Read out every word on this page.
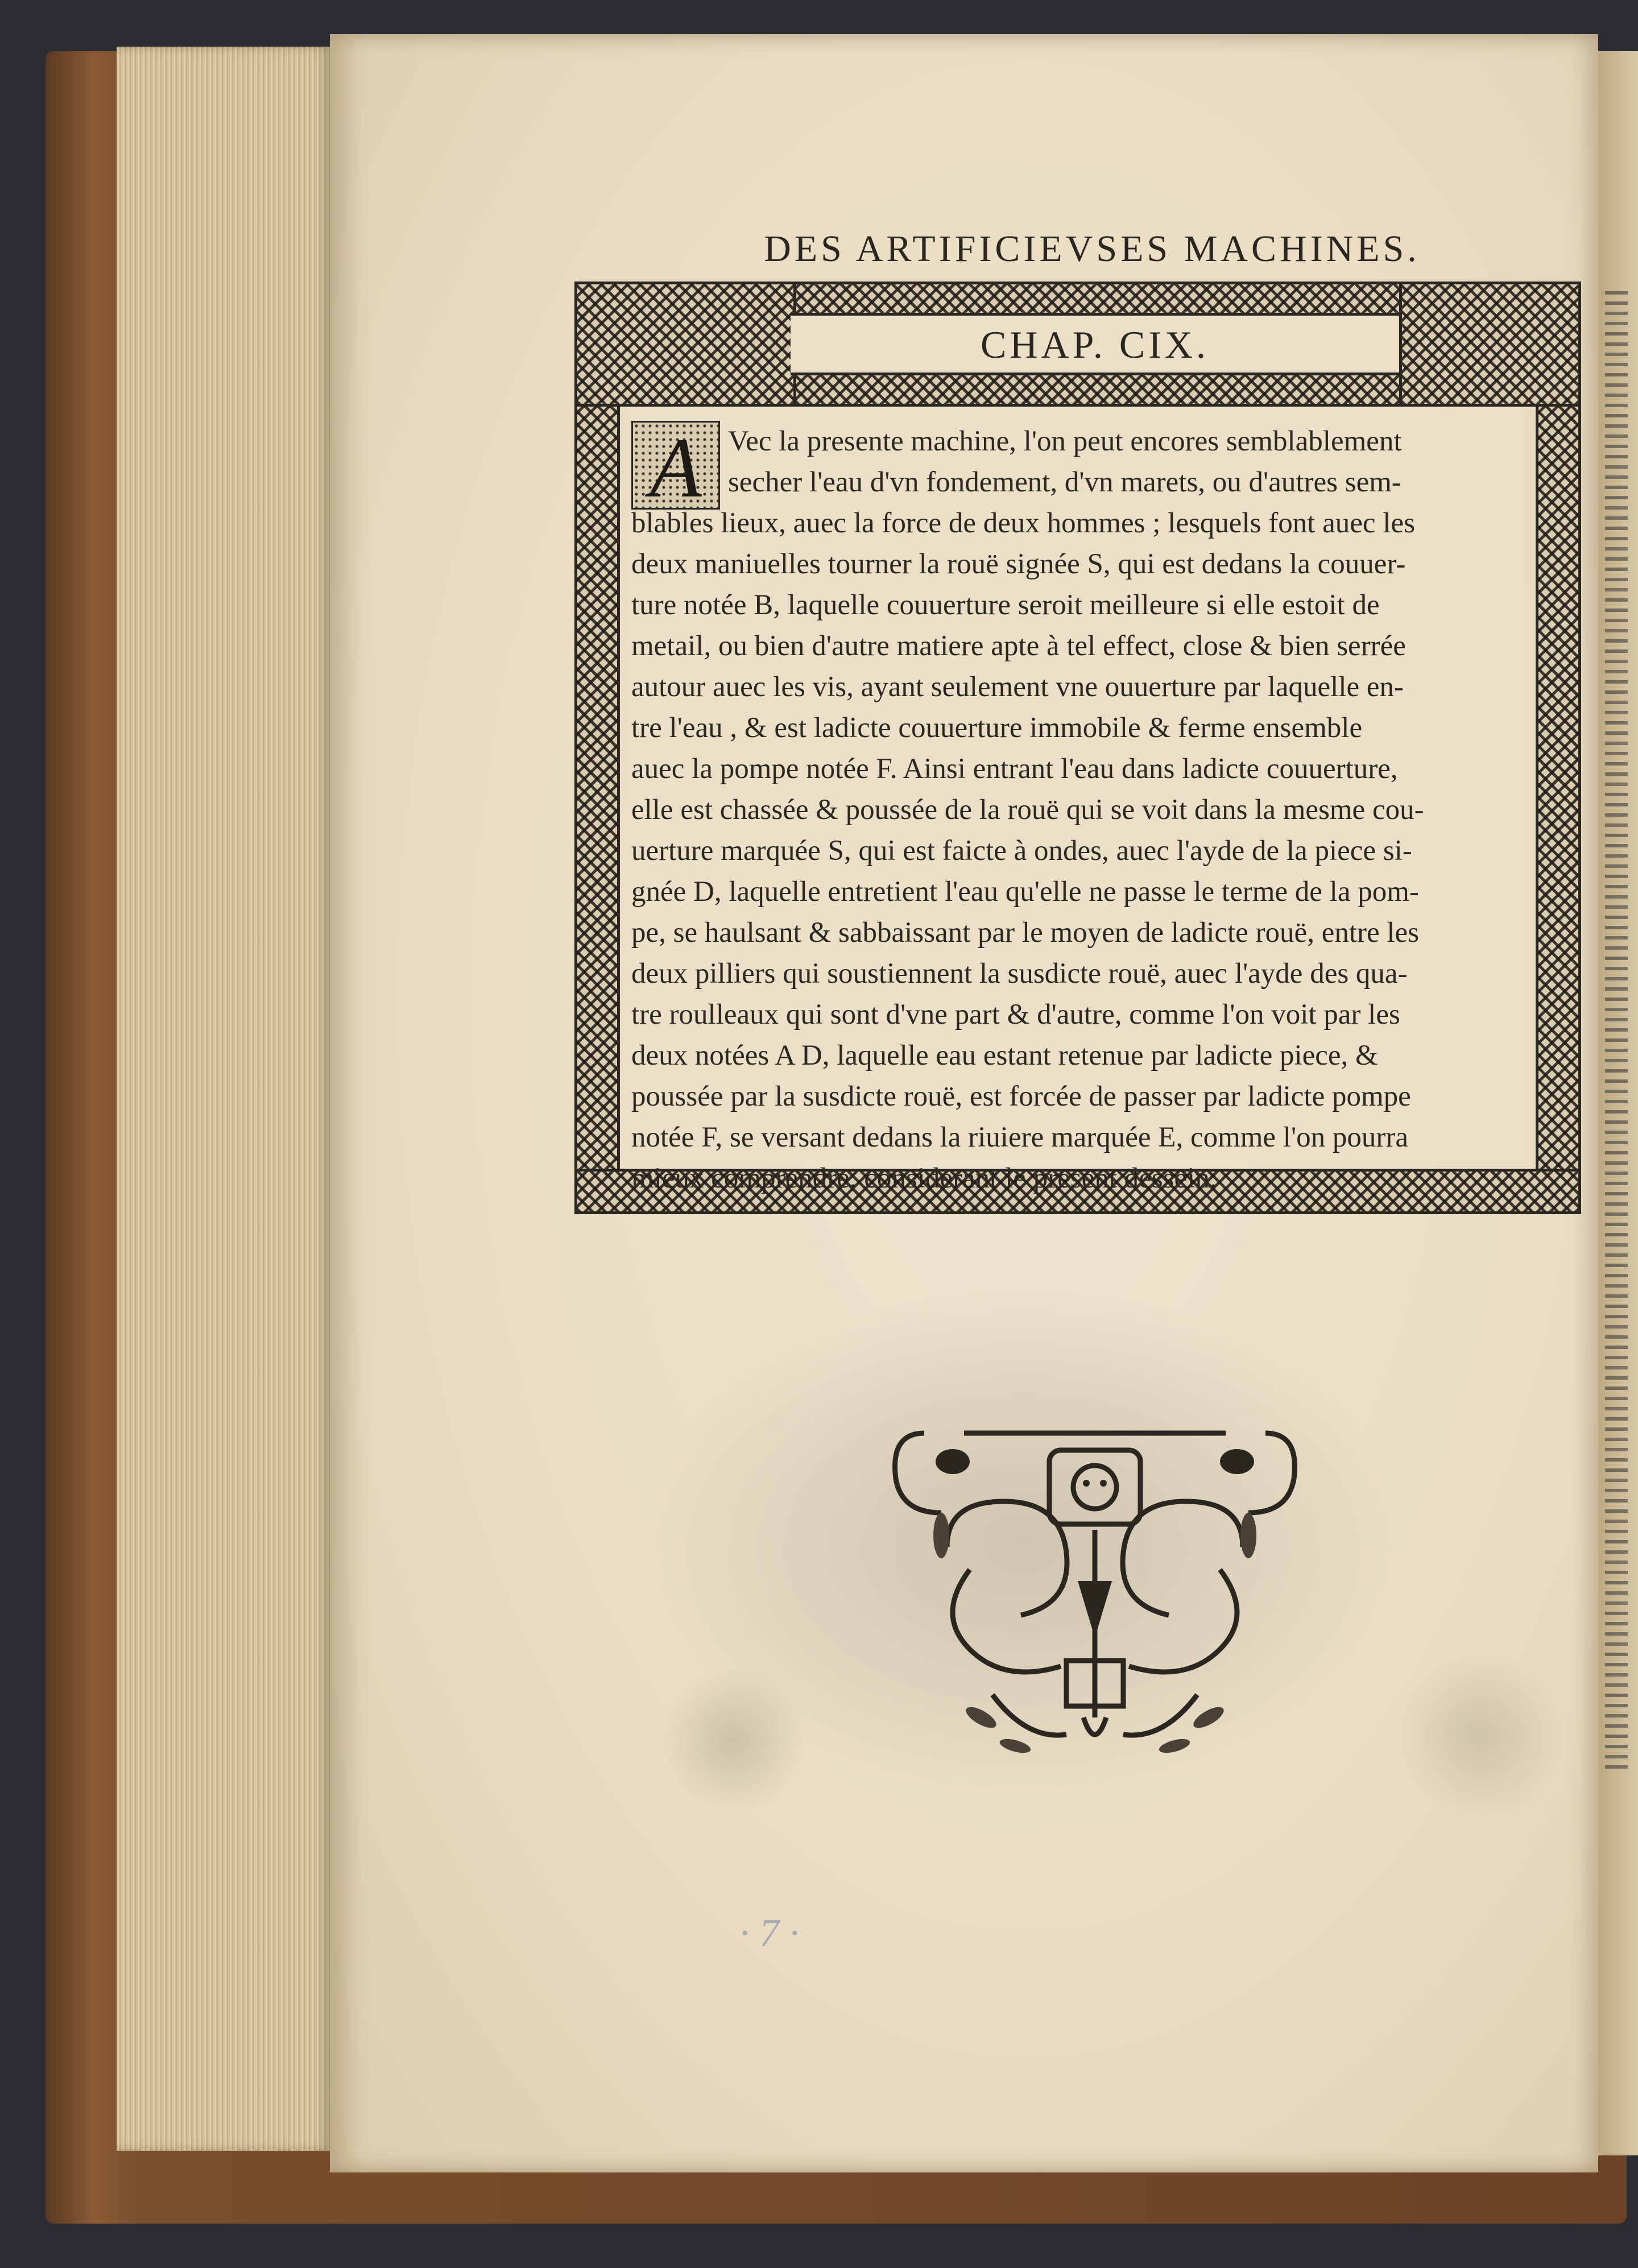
DES ARTIFICIEVSES MACHINES.
CHAP. CIX.
A Vec la presente machine, l'on peut encores semblablement
secher l'eau d'vn fondement, d'vn marets, ou d'autres sem-
blables lieux, auec la force de deux hommes ; lesquels font auec les
deux maniuelles tourner la rouë signée S, qui est dedans la couuer-
ture notée B, laquelle couuerture seroit meilleure si elle estoit de
metail, ou bien d'autre matiere apte à tel effect, close & bien serrée
autour auec les vis, ayant seulement vne ouuerture par laquelle en-
tre l'eau , & est ladicte couuerture immobile & ferme ensemble
auec la pompe notée F. Ainsi entrant l'eau dans ladicte couuerture,
elle est chassée & poussée de la rouë qui se voit dans la mesme cou-
uerture marquée S, qui est faicte à ondes, auec l'ayde de la piece si-
gnée D, laquelle entretient l'eau qu'elle ne passe le terme de la pom-
pe, se haulsant & sabbaissant par le moyen de ladicte rouë, entre les
deux pilliers qui soustiennent la susdicte rouë, auec l'ayde des qua-
tre roulleaux qui sont d'vne part & d'autre, comme l'on voit par les
deux notées A D, laquelle eau estant retenue par ladicte piece, &
poussée par la susdicte rouë, est forcée de passer par ladicte pompe
notée F, se versant dedans la riuiere marquée E, comme l'on pourra
mieux comprendre, considerant le present dessein.
· 7 ·
